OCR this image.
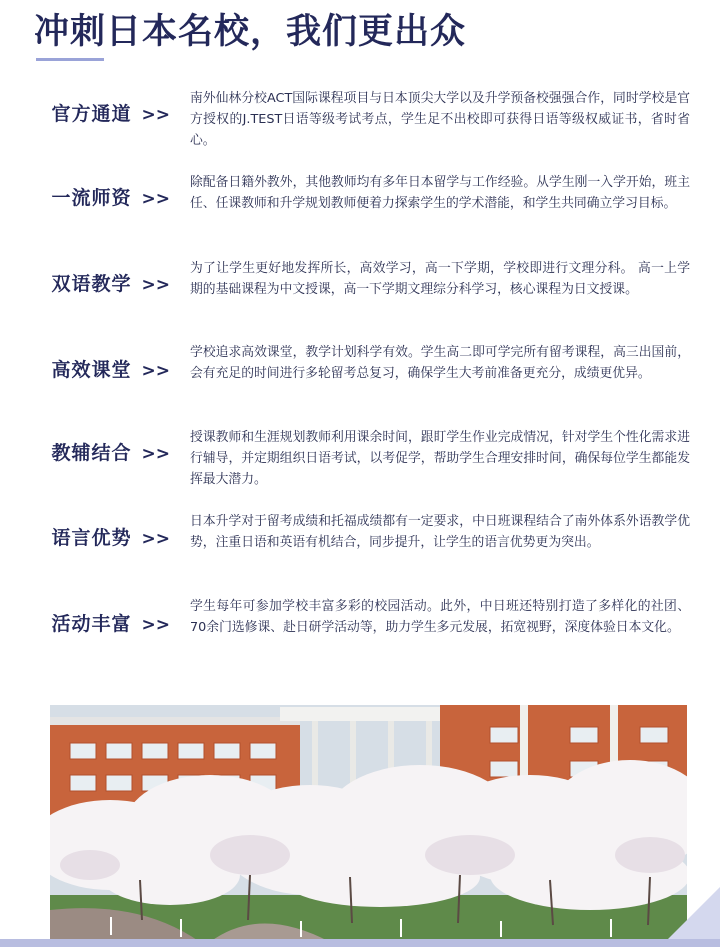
冲刺日本名校，我们更出众
官方通道 >>
南外仙林分校ACT国际课程项目与日本顶尖大学以及升学预备校强强合作，同时学校是官方授权的J.TEST日语等级考试考点，学生足不出校即可获得日语等级权威证书，省时省心。
一流师资 >>
除配备日籍外教外，其他教师均有多年日本留学与工作经验。从学生刚一入学开始，班主任、任课教师和升学规划教师便着力探索学生的学术潜能，和学生共同确立学习目标。
双语教学 >>
为了让学生更好地发挥所长，高效学习，高一下学期，学校即进行文理分科。 高一上学期的基础课程为中文授课，高一下学期文理综分科学习，核心课程为日文授课。
高效课堂 >>
学校追求高效课堂，教学计划科学有效。学生高二即可学完所有留考课程，高三出国前，会有充足的时间进行多轮留考总复习，确保学生大考前准备更充分，成绩更优异。
教辅结合 >>
授课教师和生涯规划教师利用课余时间，跟盯学生作业完成情况，针对学生个性化需求进行辅导，并定期组织日语考试，以考促学，帮助学生合理安排时间，确保每位学生都能发挥最大潜力。
语言优势 >>
日本升学对于留考成绩和托福成绩都有一定要求，中日班课程结合了南外体系外语教学优势，注重日语和英语有机结合，同步提升，让学生的语言优势更为突出。
活动丰富 >>
学生每年可参加学校丰富多彩的校园活动。此外，中日班还特别打造了多样化的社团、70余门选修课、赴日研学活动等，助力学生多元发展，拓宽视野，深度体验日本文化。
